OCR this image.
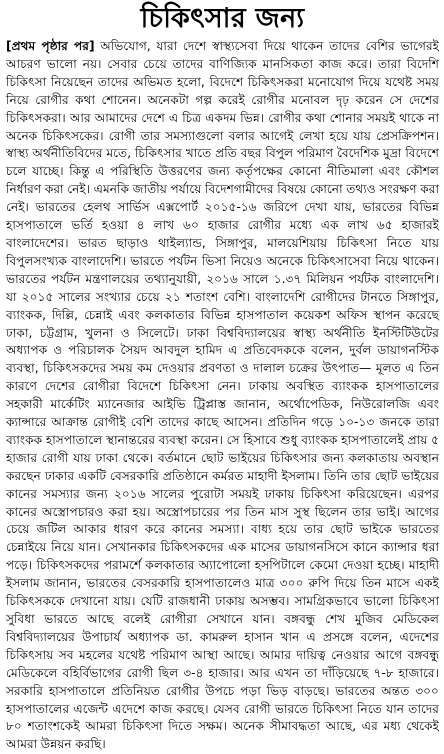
চিকিৎসার জন্য

[প্রথম পৃষ্ঠার পর] অভিযোগ, যারা দেশে স্বাস্থ্যসেবা দিয়ে থাকেন তাদের বেশির ভাগেরই আচরণ ভালো নয়। সেবার চেয়ে তাদের বাণিজ্যিক মানসিকতা কাজ করে। তারা বিদেশি চিকিৎসা নিয়েছেন তাদের অভিমত হলো, বিদেশে চিকিৎসকরা মনোযোগ দিয়ে যথেষ্ট সময় নিয়ে রোগীর কথা শোনেন। অনেকটা গল্প করেই রোগীর মনোবল দৃঢ় করেন সে দেশের চিকিৎসকরা। আর আমাদের দেশে এ চিত্র একদম ভিন্ন। রোগীর কথা শোনার সময়ই থাকে না অনেক চিকিৎসকের। রোগী তার সমস্যাগুলো বলার আগেই লেখা হয়ে যায় প্রেসক্রিপশন। স্বাস্থ্য অর্থনীতিবিদের মতে, চিকিৎসার খাতে প্রতি বছর বিপুল পরিমাণ বৈদেশিক মুদ্রা বিদেশে চলে যাচ্ছে। কিন্তু এ পরিস্থিতি উত্তরণের জন্য কর্তৃপক্ষের কোনো নীতিমালা এবং কৌশল নির্ধারণ করা নেই। এমনকি জাতীয় পর্যায়ে বিদেশগামীদের বিষয়ে কোনো তথ্যও সংরক্ষণ করা নেই। ভারতের হেলথ সার্ভিস এক্সপোর্ট ২০১৫-১৬ জরিপে দেখা যায়, ভারতের বিভিন্ন হাসপাতালে ভর্তি হওয়া ৪ লাখ ৬০ হাজার রোগীর মধ্যে এক লাখ ৬৫ হাজারই বাংলাদেশের। ভারত ছাড়াও থাইল্যান্ড, সিঙ্গাপুর, মালয়েশিয়ায় চিকিৎসা নিতে যায় বিপুলসংখ্যক বাংলাদেশি। ভারতে পর্যটন ভিসা নিয়েও অনেকে চিকিৎসাসেবা নিয়ে থাকেন। ভারতের পর্যটন মন্ত্রণালয়ের তথ্যানুযায়ী, ২০১৬ সালে ১.৩৭ মিলিয়ন পর্যটক বাংলাদেশি। যা ২০১৫ সালের সংখ্যার চেয়ে ২১ শতাংশ বেশি। বাংলাদেশি রোগীদের টানতে সিঙ্গাপুর, ব্যাংকক, দিল্লি, চেন্নাই এবং কলকাতার বিভিন্ন হাসপাতাল কয়েকশ অফিস স্থাপন করেছে ঢাকা, চট্টগ্রাম, খুলনা ও সিলেটে। ঢাকা বিশ্ববিদ্যালয়ের স্বাস্থ্য অর্থনীতি ইনস্টিটিউটের অধ্যাপক ও পরিচালক সৈয়দ আবদুল হামিদ এ প্রতিবেদককে বলেন, দুর্বল ডায়াগনস্টিক ব্যবস্থা, চিকিৎসকদের সময় কম দেওয়ার প্রবণতা ও দালাল চক্রের উৎপাত— মূলত এ তিন কারণে দেশের রোগীরা বিদেশে চিকিৎসা নেন। ঢাকায় অবস্থিত ব্যাংকক হাসপাতালের সহকারী মার্কেটিং ম্যানেজার আইভি ট্রিপ্লাস্ত জানান, অর্থোপেডিক, নিউরোলজি এবং ক্যান্সারে আক্রান্ত রোগীই বেশি তাদের কাছে আসেন। প্রতিদিন গড়ে ১০-১৩ জনকে তারা ব্যাংকক হাসপাতালে স্থানান্তরের ব্যবস্থা করেন। সে হিসাবে শুধু ব্যাংকক হাসপাতালেই প্রায় ৫ হাজার রোগী যায় ঢাকা থেকে। বর্তমানে ছোট ভাইয়ের চিকিৎসার জন্য কলকাতায় অবস্থান করছেন ঢাকার একটি বেসরকারি প্রতিষ্ঠানে কর্মরত মাহাদী ইসলাম। তিনি তার ছোট ভাইয়ের কানের সমস্যার জন্য ২০১৬ সালের পুরোটা সময়ই ঢাকায় চিকিৎসা করিয়েছেন। এরপর কানের অস্ত্রোপচারও করা হয়। অস্ত্রোপচারের পর তিন মাস সুস্থ ছিলেন তার ভাই। আগের চেয়ে জটিল আকার ধারণ করে কানের সমস্যা। বাধ্য হয়ে তার ছোট ভাইকে ভারতের চেন্নাইয়ে নিয়ে যান। সেখানকার চিকিৎসকদের এক মাসের ডায়াগনসিসে কানে ক্যান্সার ধরা পড়ে। চিকিৎসকদের পরামর্শে কলকাতার অ্যাপোলো হসপিটালে কেমো দেওয়া হচ্ছে। মাহাদী ইসলাম জানান, ভারতের বেসরকারি হাসপাতালেও মাত্র ৩০০ রুপি দিয়ে তিন মাসে একই চিকিৎসককে দেখানো যায়। যেটি রাজধানী ঢাকায় অসম্ভব। সামগ্রিকভাবে ভালো চিকিৎসা সুবিধা ভারতে আছে বলেই রোগীরা সেখানে যান। বঙ্গবন্ধু শেখ মুজিব মেডিকেল বিশ্ববিদ্যালয়ের উপাচার্য অধ্যাপক ডা. কামরুল হাসান খান এ প্রসঙ্গে বলেন, এদেশের চিকিৎসায় সব মহলের যথেষ্ট পরিমাণ আস্থা আছে। আমার দায়িত্ব নেওয়ার আগে বঙ্গবন্ধু মেডিকেলে বহির্বিভাগের রোগী ছিল ৩-৪ হাজার। আর এখন তা দাঁড়িয়েছে ৭-৮ হাজারে। সরকারি হাসপাতালে প্রতিনিয়ত রোগীর উপচে পড়া ভিড় বাড়ছে। ভারতের অন্তত ৩০০ হাসপাতালের এজেন্ট এদেশে কাজ করছে। যেসব রোগী ভারতে চিকিৎসা নিতে যান তাদের ৮০ শতাংশকেই আমরা চিকিৎসা দিতে সক্ষম। অনেক সীমাবদ্ধতা আছে, এর মধ্য থেকেই আমরা উন্নয়ন করছি।
